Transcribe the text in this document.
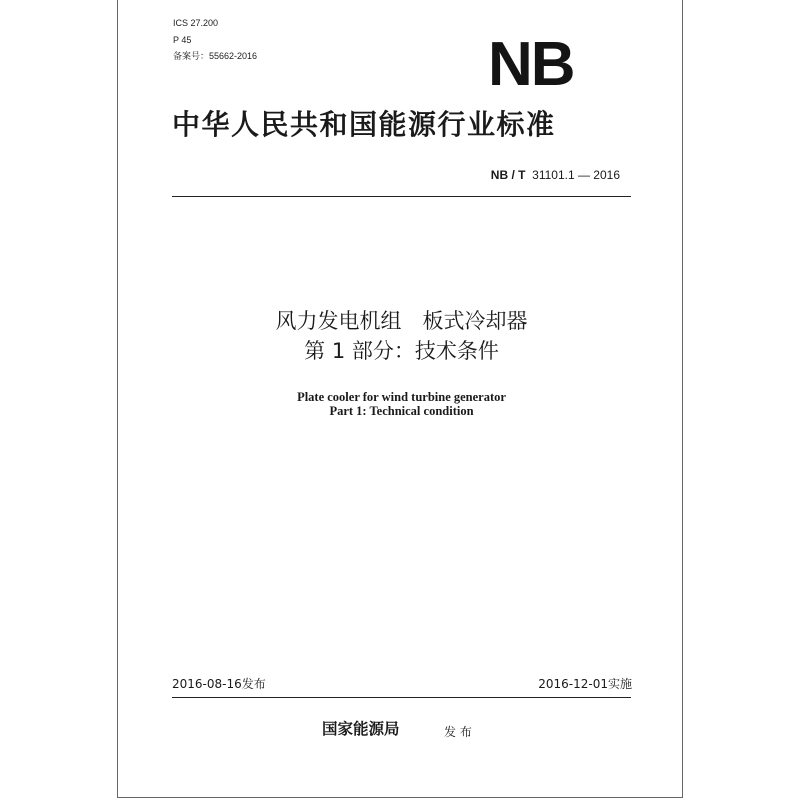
ICS 27.200
P 45
备案号：55662-2016	NB
中华人民共和国能源行业标准
NB / T 31101.1 — 2016
风力发电机组　板式冷却器
第 1 部分：技术条件
Plate cooler for wind turbine generator
Part 1: Technical condition
2016-08-16发布	2016-12-01实施
国家能源局	发 布
